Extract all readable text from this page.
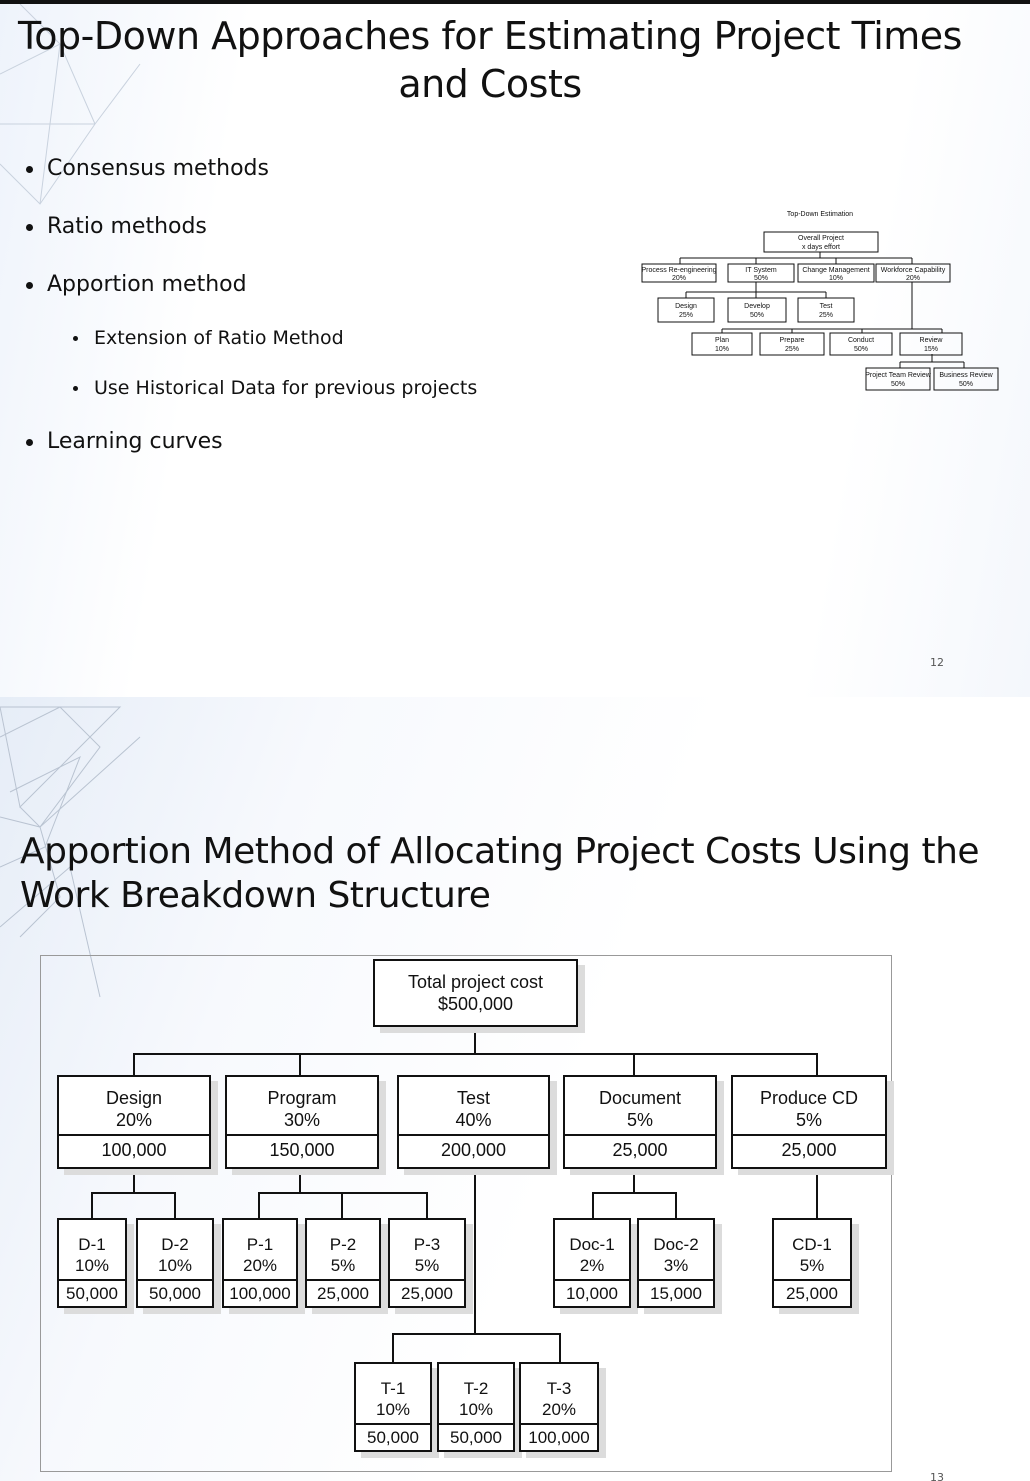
Top-Down Approaches for Estimating Project Times and Costs
Consensus methods
Ratio methods
Apportion method
Extension of Ratio Method
Use Historical Data for previous projects
Learning curves
Top-Down Estimation
Overall Project
x days effort
Process Re-engineering
20%
IT System
50%
Change Management
10%
Workforce Capability
20%
Design
25%
Develop
50%
Test
25%
Plan
10%
Prepare
25%
Conduct
50%
Review
15%
Project Team Review
50%
Business Review
50%
12
Apportion Method of Allocating Project Costs Using the
Work Breakdown Structure
Total project cost
$500,000
Design
20%
100,000
Program
30%
150,000
Test
40%
200,000
Document
5%
25,000
Produce CD
5%
25,000
D-1
10%
50,000
D-2
10%
50,000
P-1
20%
100,000
P-2
5%
25,000
P-3
5%
25,000
Doc-1
2%
10,000
Doc-2
3%
15,000
CD-1
5%
25,000
T-1
10%
50,000
T-2
10%
50,000
T-3
20%
100,000
13
